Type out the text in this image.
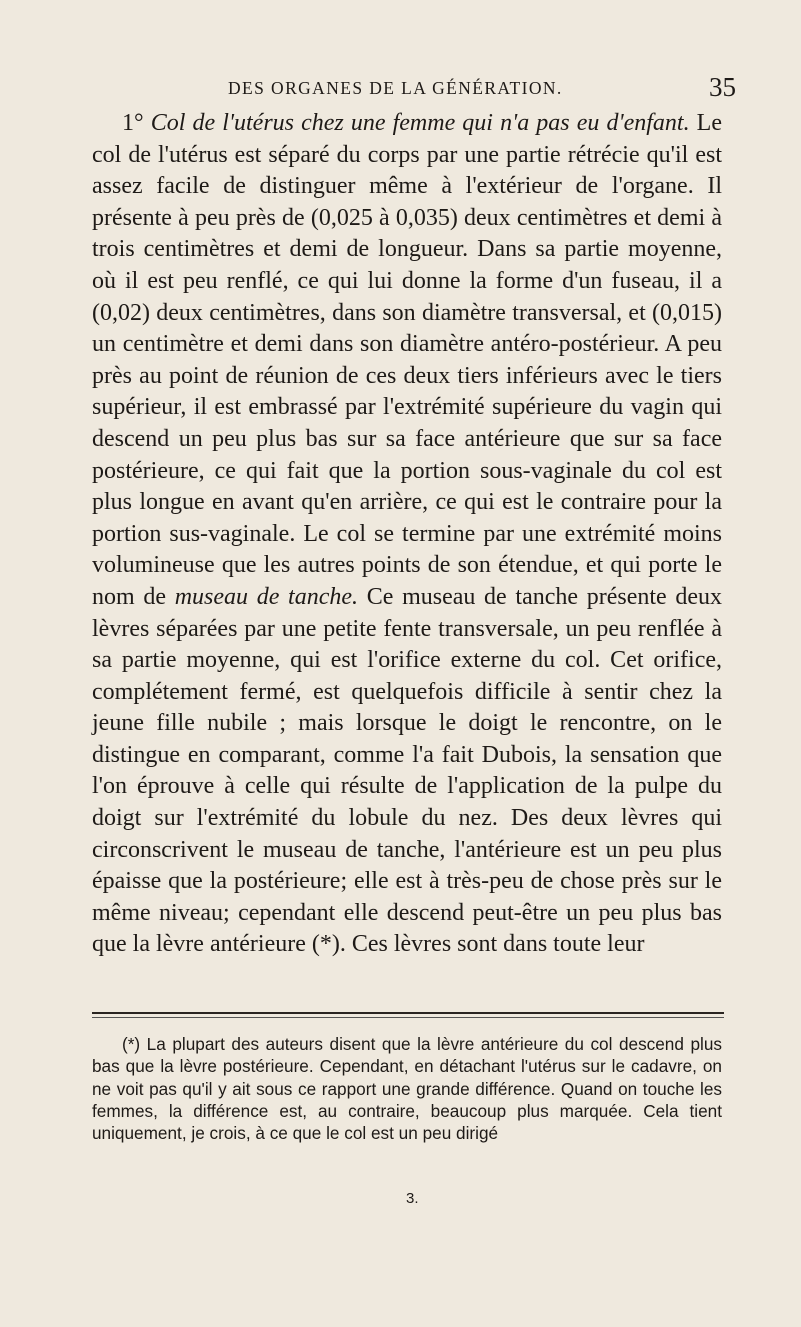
DES ORGANES DE LA GÉNÉRATION.	35

1° Col de l'utérus chez une femme qui n'a pas eu d'enfant. Le col de l'utérus est séparé du corps par une partie rétrécie qu'il est assez facile de distinguer même à l'extérieur de l'organe. Il présente à peu près de (0,025 à 0,035) deux centimètres et demi à trois centimètres et demi de longueur. Dans sa partie moyenne, où il est peu renflé, ce qui lui donne la forme d'un fuseau, il a (0,02) deux centimètres, dans son diamètre transversal, et (0,015) un centimètre et demi dans son diamètre antéro-postérieur. A peu près au point de réunion de ces deux tiers inférieurs avec le tiers supérieur, il est embrassé par l'extrémité supérieure du vagin qui descend un peu plus bas sur sa face antérieure que sur sa face postérieure, ce qui fait que la portion sous-vaginale du col est plus longue en avant qu'en arrière, ce qui est le contraire pour la portion sus-vaginale. Le col se termine par une extrémité moins volumineuse que les autres points de son étendue, et qui porte le nom de museau de tanche. Ce museau de tanche présente deux lèvres séparées par une petite fente transversale, un peu renflée à sa partie moyenne, qui est l'orifice externe du col. Cet orifice, complétement fermé, est quelquefois difficile à sentir chez la jeune fille nubile ; mais lorsque le doigt le rencontre, on le distingue en comparant, comme l'a fait Dubois, la sensation que l'on éprouve à celle qui résulte de l'application de la pulpe du doigt sur l'extrémité du lobule du nez. Des deux lèvres qui circonscrivent le museau de tanche, l'antérieure est un peu plus épaisse que la postérieure; elle est à très-peu de chose près sur le même niveau; cependant elle descend peut-être un peu plus bas que la lèvre antérieure (*). Ces lèvres sont dans toute leur

(*) La plupart des auteurs disent que la lèvre antérieure du col descend plus bas que la lèvre postérieure. Cependant, en détachant l'utérus sur le cadavre, on ne voit pas qu'il y ait sous ce rapport une grande différence. Quand on touche les femmes, la différence est, au contraire, beaucoup plus marquée. Cela tient uniquement, je crois, à ce que le col est un peu dirigé

3.
